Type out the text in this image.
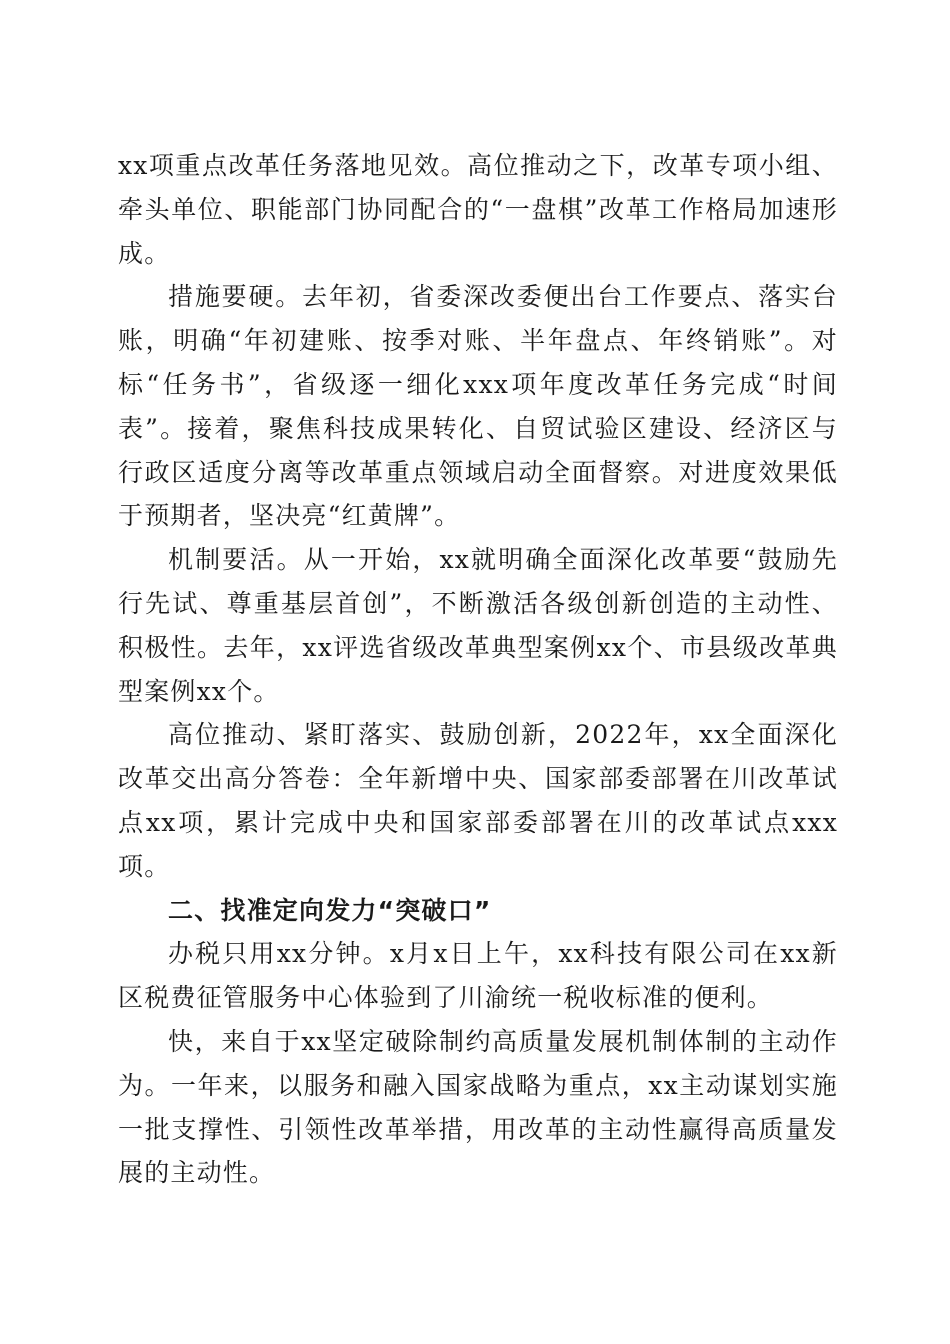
xx项重点改革任务落地见效。高位推动之下，改革专项小组、牵头单位、职能部门协同配合的“一盘棋”改革工作格局加速形成。

措施要硬。去年初，省委深改委便出台工作要点、落实台账，明确“年初建账、按季对账、半年盘点、年终销账”。对标“任务书”，省级逐一细化xxx项年度改革任务完成“时间表”。接着，聚焦科技成果转化、自贸试验区建设、经济区与行政区适度分离等改革重点领域启动全面督察。对进度效果低于预期者，坚决亮“红黄牌”。

机制要活。从一开始，xx就明确全面深化改革要“鼓励先行先试、尊重基层首创”，不断激活各级创新创造的主动性、积极性。去年，xx评选省级改革典型案例xx个、市县级改革典型案例xx个。

高位推动、紧盯落实、鼓励创新，2022年，xx全面深化改革交出高分答卷：全年新增中央、国家部委部署在川改革试点xx项，累计完成中央和国家部委部署在川的改革试点xxx项。

二、找准定向发力“突破口”

办税只用xx分钟。x月x日上午，xx科技有限公司在xx新区税费征管服务中心体验到了川渝统一税收标准的便利。

快，来自于xx坚定破除制约高质量发展机制体制的主动作为。一年来，以服务和融入国家战略为重点，xx主动谋划实施一批支撑性、引领性改革举措，用改革的主动性赢得高质量发展的主动性。
